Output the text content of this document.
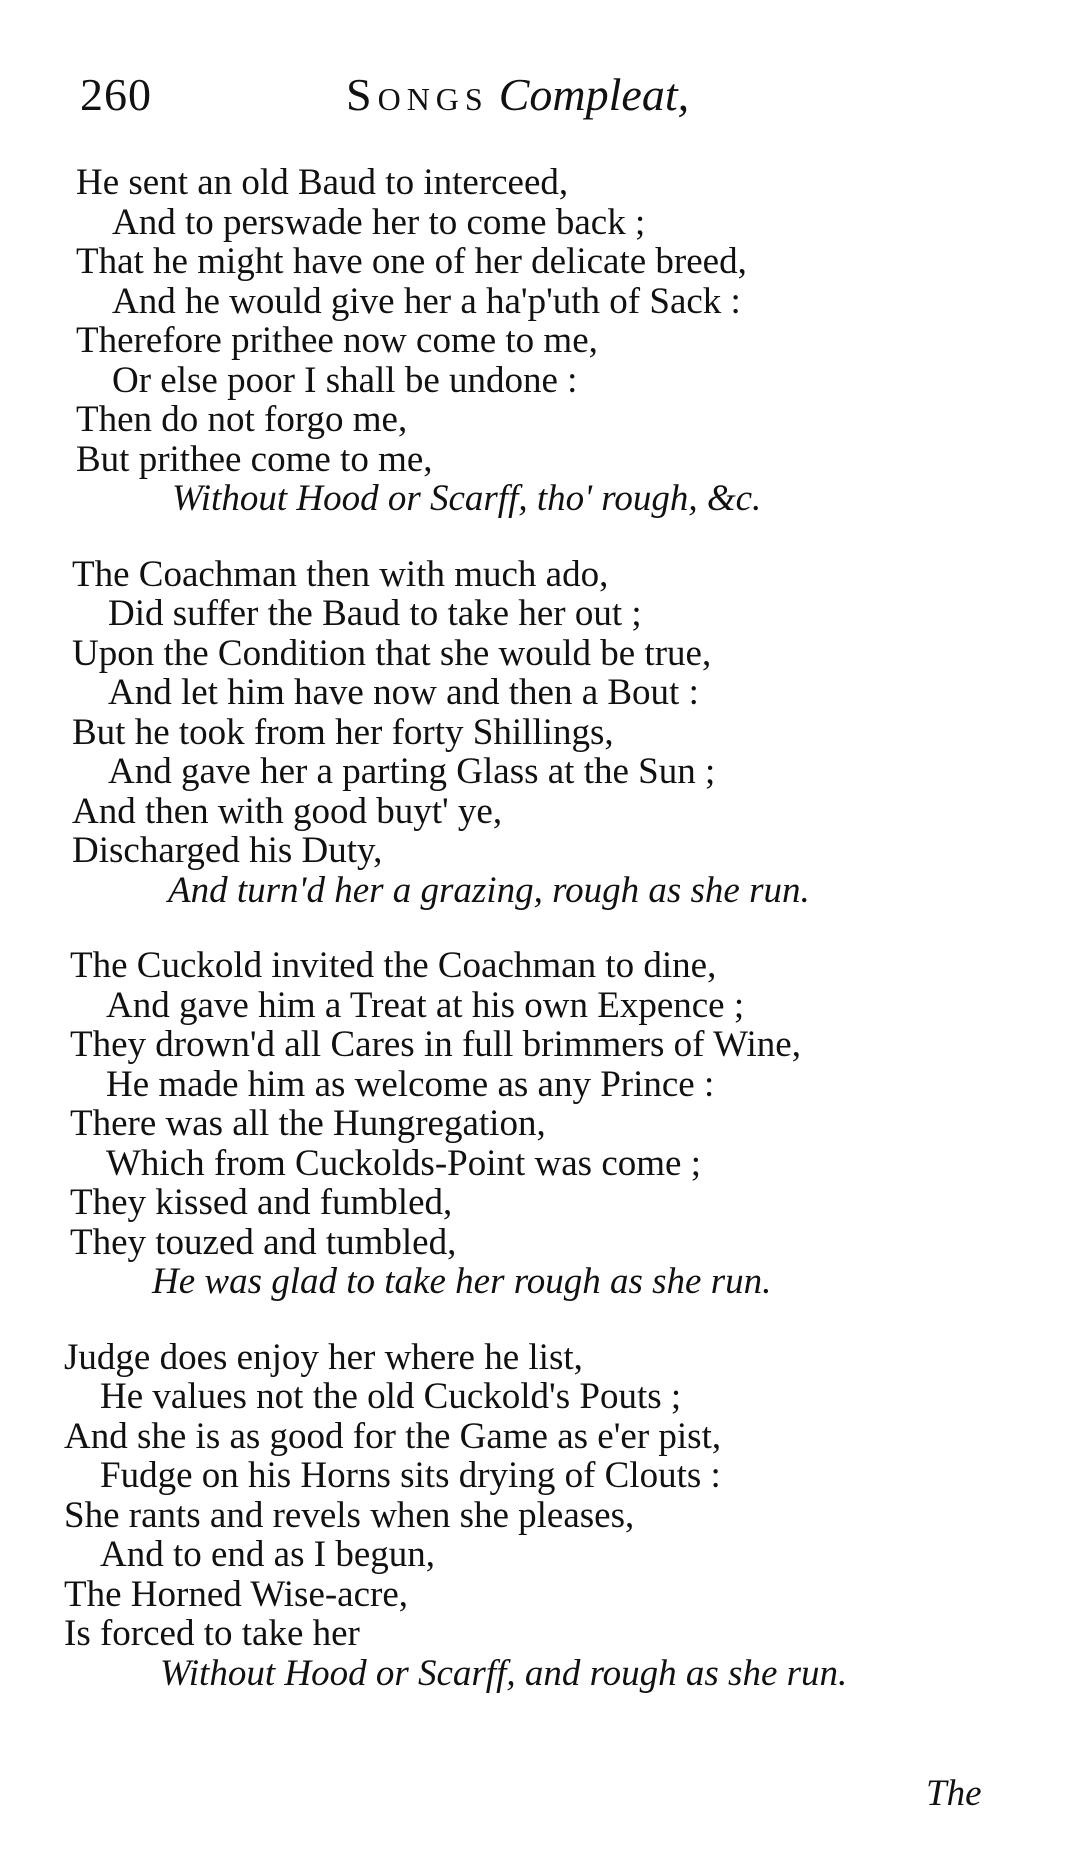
260	Songs Compleat,
He sent an old Baud to interceed,
And to perswade her to come back ;
That he might have one of her delicate breed,
And he would give her a ha'p'uth of Sack :
Therefore prithee now come to me,
Or else poor I shall be undone :
Then do not forgo me,
But prithee come to me,
Without Hood or Scarff, tho' rough, &c.
The Coachman then with much ado,
Did suffer the Baud to take her out ;
Upon the Condition that she would be true,
And let him have now and then a Bout :
But he took from her forty Shillings,
And gave her a parting Glass at the Sun ;
And then with good buyt' ye,
Discharged his Duty,
And turn'd her a grazing, rough as she run.
The Cuckold invited the Coachman to dine,
And gave him a Treat at his own Expence ;
They drown'd all Cares in full brimmers of Wine,
He made him as welcome as any Prince :
There was all the Hungregation,
Which from Cuckolds-Point was come ;
They kissed and fumbled,
They touzed and tumbled,
He was glad to take her rough as she run.
Judge does enjoy her where he list,
He values not the old Cuckold's Pouts ;
And she is as good for the Game as e'er pist,
Fudge on his Horns sits drying of Clouts :
She rants and revels when she pleases,
And to end as I begun,
The Horned Wise-acre,
Is forced to take her
Without Hood or Scarff, and rough as she run.
The
